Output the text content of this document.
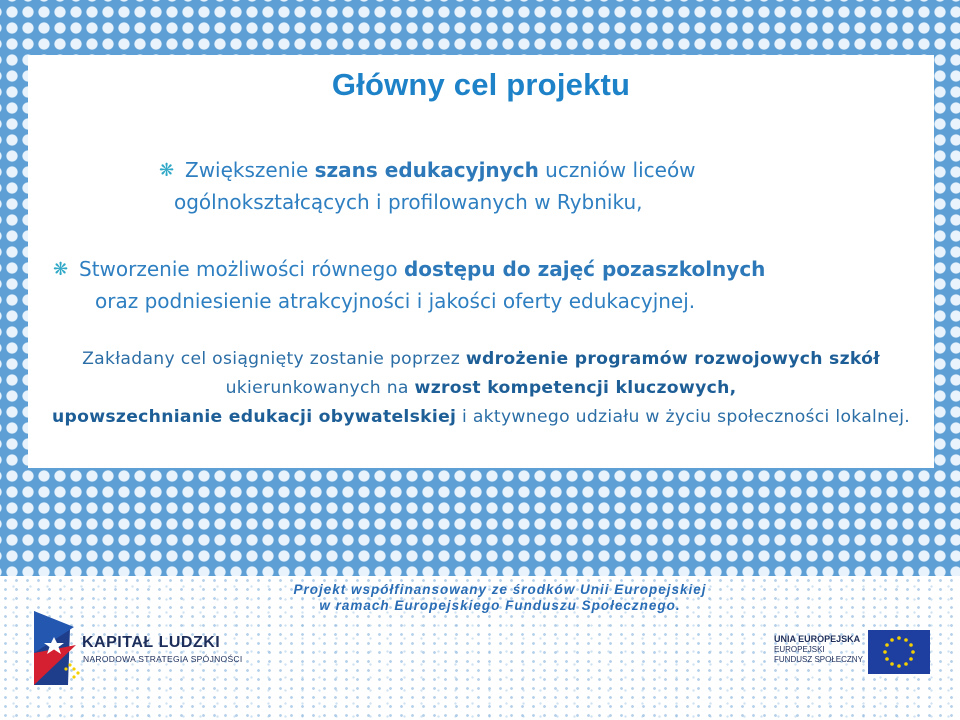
Główny cel projektu
❋ Zwiększenie szans edukacyjnych uczniów liceów
ogólnokształcących i profilowanych w Rybniku,
❋ Stworzenie możliwości równego dostępu do zajęć pozaszkolnych
oraz podniesienie atrakcyjności i jakości oferty edukacyjnej.
Zakładany cel osiągnięty zostanie poprzez wdrożenie programów rozwojowych szkół ukierunkowanych na wzrost kompetencji kluczowych,
upowszechnianie edukacji obywatelskiej i aktywnego udziału w życiu społeczności lokalnej.
Projekt współfinansowany ze środków Unii Europejskiej
w ramach Europejskiego Funduszu Społecznego.
KAPITAŁ LUDZKI
NARODOWA STRATEGIA SPÓJNOŚCI
UNIA EUROPEJSKA
EUROPEJSKI
FUNDUSZ SPOŁECZNY
